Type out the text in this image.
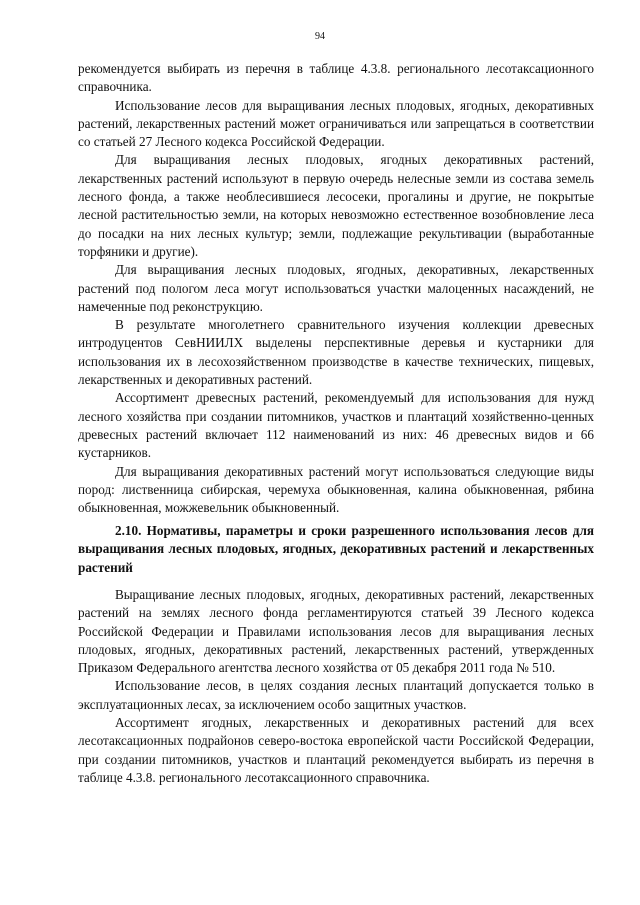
94

рекомендуется выбирать из перечня в таблице 4.3.8. регионального лесотаксационного справочника.

Использование лесов для выращивания лесных плодовых, ягодных, декоративных растений, лекарственных растений может ограничиваться или запрещаться в соответствии со статьей 27 Лесного кодекса Российской Федерации.

Для выращивания лесных плодовых, ягодных декоративных растений, лекарственных растений используют в первую очередь нелесные земли из состава земель лесного фонда, а также необлесившиеся лесосеки, прогалины и другие, не покрытые лесной растительностью земли, на которых невозможно естественное возобновление леса до посадки на них лесных культур; земли, подлежащие рекультивации (выработанные торфяники и другие).

Для выращивания лесных плодовых, ягодных, декоративных, лекарственных растений под пологом леса могут использоваться участки малоценных насаждений, не намеченные под реконструкцию.

В результате многолетнего сравнительного изучения коллекции древесных интродуцентов СевНИИЛХ выделены перспективные деревья и кустарники для использования их в лесохозяйственном производстве в качестве технических, пищевых, лекарственных и декоративных растений.

Ассортимент древесных растений, рекомендуемый для использования для нужд лесного хозяйства при создании питомников, участков и плантаций хозяйственно-ценных древесных растений включает 112 наименований из них: 46 древесных видов и 66 кустарников.

Для выращивания декоративных растений могут использоваться следующие виды пород: лиственница сибирская, черемуха обыкновенная, калина обыкновенная, рябина обыкновенная, можжевельник обыкновенный.

2.10. Нормативы, параметры и сроки разрешенного использования лесов для выращивания лесных плодовых, ягодных, декоративных растений и лекарственных растений

Выращивание лесных плодовых, ягодных, декоративных растений, лекарственных растений на землях лесного фонда регламентируются статьей 39 Лесного кодекса Российской Федерации и Правилами использования лесов для выращивания лесных плодовых, ягодных, декоративных растений, лекарственных растений, утвержденных Приказом Федерального агентства лесного хозяйства от 05 декабря 2011 года № 510.

Использование лесов, в целях создания лесных плантаций допускается только в эксплуатационных лесах, за исключением особо защитных участков.

Ассортимент ягодных, лекарственных и декоративных растений для всех лесотаксационных подрайонов северо-востока европейской части Российской Федерации, при создании питомников, участков и плантаций рекомендуется выбирать из перечня в таблице 4.3.8. регионального лесотаксационного справочника.
